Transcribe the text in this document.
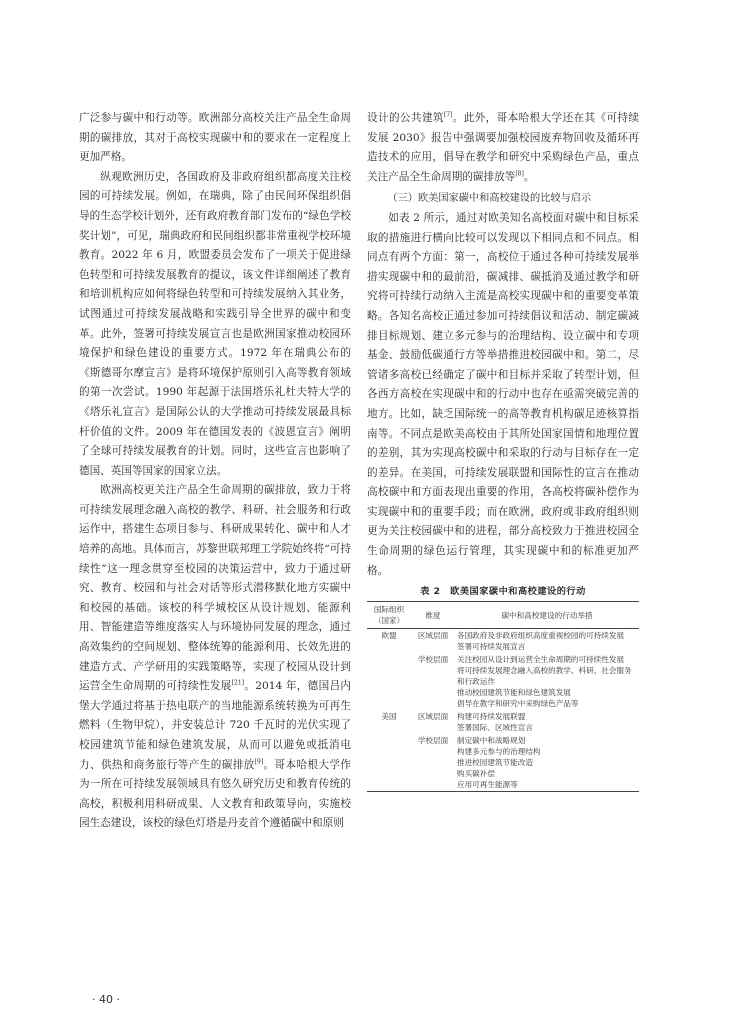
广泛参与碳中和行动等。欧洲部分高校关注产品全生命周期的碳排放，其对于高校实现碳中和的要求在一定程度上更加严格。

纵观欧洲历史，各国政府及非政府组织都高度关注校园的可持续发展。例如，在瑞典，除了由民间环保组织倡导的生态学校计划外，还有政府教育部门发布的“绿色学校奖计划”，可见，瑞典政府和民间组织都非常重视学校环境教育。2022 年 6 月，欧盟委员会发布了一项关于促进绿色转型和可持续发展教育的提议，该文件详细阐述了教育和培训机构应如何将绿色转型和可持续发展纳入其业务，试图通过可持续发展战略和实践引导全世界的碳中和变革。此外，签署可持续发展宣言也是欧洲国家推动校园环境保护和绿色建设的重要方式。1972 年在瑞典公布的《斯德哥尔摩宣言》是将环境保护原则引入高等教育领域的第一次尝试。1990 年起源于法国塔乐礼杜夫特大学的《塔乐礼宣言》是国际公认的大学推动可持续发展最具标杆价值的文件。2009 年在德国发表的《波恩宣言》阐明了全球可持续发展教育的计划。同时，这些宣言也影响了德国、英国等国家的国家立法。

欧洲高校更关注产品全生命周期的碳排放，致力于将可持续发展理念融入高校的教学、科研、社会服务和行政运作中，搭建生态项目参与、科研成果转化、碳中和人才培养的高地。具体而言，苏黎世联邦理工学院始终将“可持续性”这一理念贯穿至校园的决策运营中，致力于通过研究、教育、校园和与社会对话等形式潜移默化地方实碳中和校园的基础。该校的科学城校区从设计规划、能源利用、智能建造等维度落实人与环境协同发展的理念，通过高效集约的空间规划、整体统筹的能源利用、长效先进的建造方式、产学研用的实践策略等，实现了校园从设计到运营全生命周期的可持续性发展[21]。2014 年，德国吕内堡大学通过将基于热电联产的当地能源系统转换为可再生燃料（生物甲烷），并安装总计 720 千瓦时的光伏实现了校园建筑节能和绿色建筑发展，从而可以避免或抵消电力、供热和商务旅行等产生的碳排放[9]。哥本哈根大学作为一所在可持续发展领域具有悠久研究历史和教育传统的高校，积极利用科研成果、人文教育和政策导向，实施校园生态建设，该校的绿色灯塔是丹麦首个遵循碳中和原则

设计的公共建筑[7]。此外，哥本哈根大学还在其《可持续发展 2030》报告中强调要加强校园废弃物回收及循环再造技术的应用，倡导在教学和研究中采购绿色产品，重点关注产品全生命周期的碳排放等[8]。

（三）欧美国家碳中和高校建设的比较与启示

如表 2 所示，通过对欧美知名高校面对碳中和目标采取的措施进行横向比较可以发现以下相同点和不同点。相同点有两个方面：第一，高校位于通过各种可持续发展举措实现碳中和的最前沿，碳减排、碳抵消及通过教学和研究将可持续行动纳入主流是高校实现碳中和的重要变革策略。各知名高校正通过参加可持续倡议和活动、制定碳减排目标规划、建立多元参与的治理结构、设立碳中和专项基金、鼓励低碳通行方等举措推进校园碳中和。第二，尽管诸多高校已经确定了碳中和目标并采取了转型计划，但各西方高校在实现碳中和的行动中也存在亟需突破完善的地方。比如，缺乏国际统一的高等教育机构碳足迹核算指南等。不同点是欧美高校由于其所处国家国情和地理位置的差别，其为实现高校碳中和采取的行动与目标存在一定的差异。在美国，可持续发展联盟和国际性的宣言在推动高校碳中和方面表现出重要的作用，各高校将碳补偿作为实现碳中和的重要手段；而在欧洲，政府或非政府组织则更为关注校园碳中和的进程，部分高校致力于推进校园全生命周期的绿色运行管理，其实现碳中和的标准更加严格。

表 2　欧美国家碳中和高校建设的行动
国际组织（国家）	维度	碳中和高校建设的行动举措
欧盟	区域层面	各国政府及非政府组织高度重视校园的可持续发展
签署可持续发展宣言

	学校层面	关注校园从设计到运营全生命周期的可持续性发展
将可持续发展理念融入高校的教学、科研、社会服务和行政运作
推动校园建筑节能和绿色建筑发展
倡导在教学和研究中采购绿色产品等

美国	区域层面	构建可持续发展联盟
签署国际、区域性宣言

	学校层面	制定碳中和战略规划
构建多元参与的治理结构
推进校园建筑节能改造
购买碳补偿
应用可再生能源等
· 40 ·
